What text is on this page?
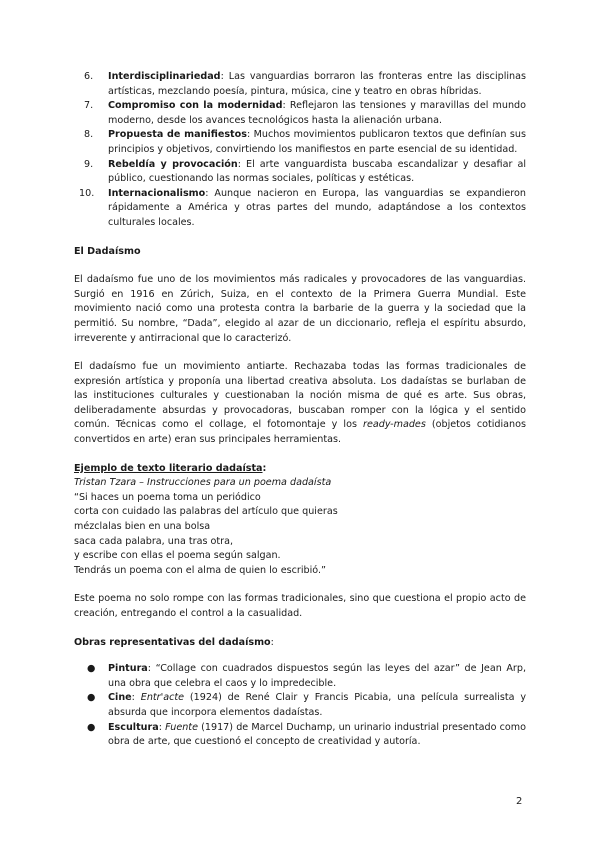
6. Interdisciplinariedad: Las vanguardias borraron las fronteras entre las disciplinas artísticas, mezclando poesía, pintura, música, cine y teatro en obras híbridas.
7. Compromiso con la modernidad: Reflejaron las tensiones y maravillas del mundo moderno, desde los avances tecnológicos hasta la alienación urbana.
8. Propuesta de manifiestos: Muchos movimientos publicaron textos que definían sus principios y objetivos, convirtiendo los manifiestos en parte esencial de su identidad.
9. Rebeldía y provocación: El arte vanguardista buscaba escandalizar y desafiar al público, cuestionando las normas sociales, políticas y estéticas.
10. Internacionalismo: Aunque nacieron en Europa, las vanguardias se expandieron rápidamente a América y otras partes del mundo, adaptándose a los contextos culturales locales.
El Dadaísmo
El dadaísmo fue uno de los movimientos más radicales y provocadores de las vanguardias. Surgió en 1916 en Zúrich, Suiza, en el contexto de la Primera Guerra Mundial. Este movimiento nació como una protesta contra la barbarie de la guerra y la sociedad que la permitió. Su nombre, “Dada”, elegido al azar de un diccionario, refleja el espíritu absurdo, irreverente y antirracional que lo caracterizó.
El dadaísmo fue un movimiento antiarte. Rechazaba todas las formas tradicionales de expresión artística y proponía una libertad creativa absoluta. Los dadaístas se burlaban de las instituciones culturales y cuestionaban la noción misma de qué es arte. Sus obras, deliberadamente absurdas y provocadoras, buscaban romper con la lógica y el sentido común. Técnicas como el collage, el fotomontaje y los ready-mades (objetos cotidianos convertidos en arte) eran sus principales herramientas.
Ejemplo de texto literario dadaísta:
Tristan Tzara – Instrucciones para un poema dadaísta
“Si haces un poema toma un periódico
corta con cuidado las palabras del artículo que quieras
mézclalas bien en una bolsa
saca cada palabra, una tras otra,
y escribe con ellas el poema según salgan.
Tendrás un poema con el alma de quien lo escribió.”
Este poema no solo rompe con las formas tradicionales, sino que cuestiona el propio acto de creación, entregando el control a la casualidad.
Obras representativas del dadaísmo:
● Pintura: “Collage con cuadrados dispuestos según las leyes del azar” de Jean Arp, una obra que celebra el caos y lo impredecible.
● Cine: Entr'acte (1924) de René Clair y Francis Picabia, una película surrealista y absurda que incorpora elementos dadaístas.
● Escultura: Fuente (1917) de Marcel Duchamp, un urinario industrial presentado como obra de arte, que cuestionó el concepto de creatividad y autoría.
2
